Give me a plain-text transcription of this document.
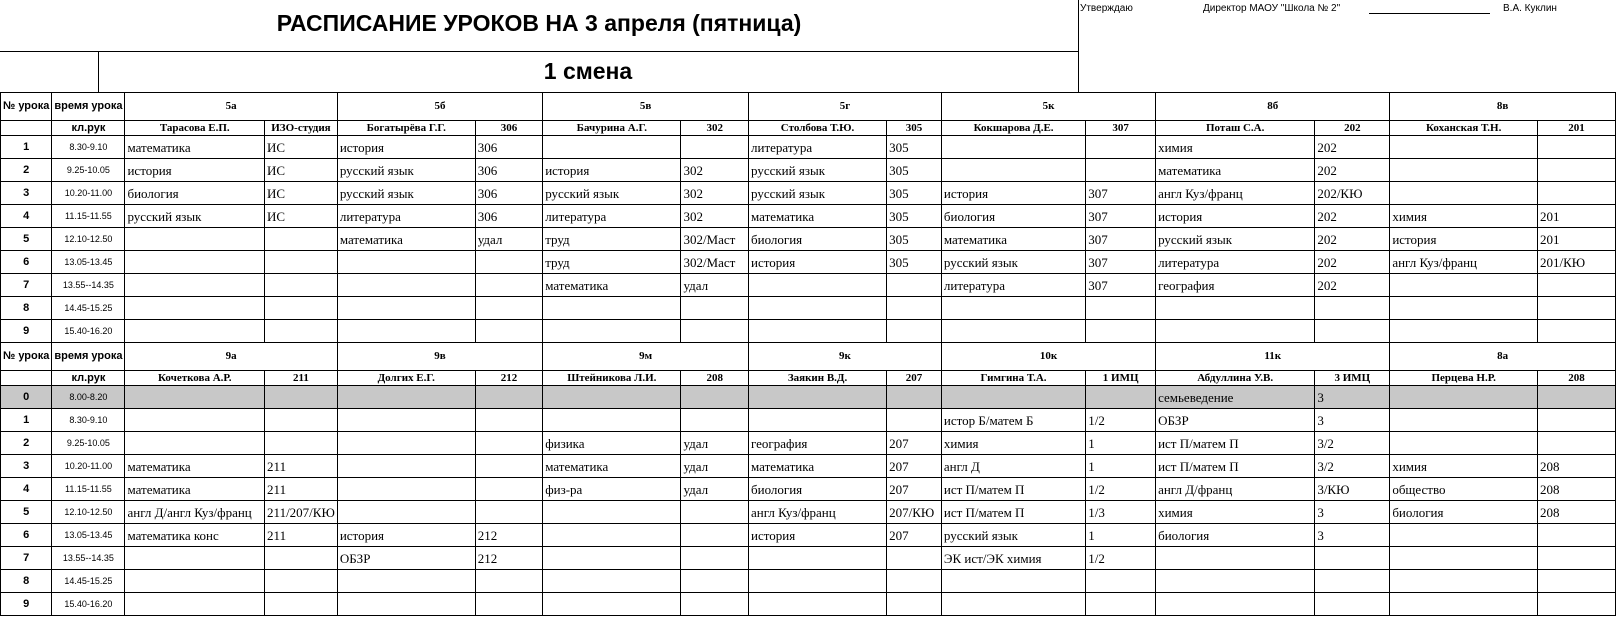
РАСПИСАНИЕ УРОКОВ НА 3 апреля (пятница)
1 смена
Утверждаю	Директор МАОУ "Школа № 2"	В.А. Куклин
№ урока	время урока	5а		5б		5в		5г		5к		8б		8в	
	кл.рук	Тарасова Е.П.	ИЗО-студия	Богатырёва Г.Г.	306	Бачурина А.Г.	302	Столбова Т.Ю.	305	Кокшарова Д.Е.	307	Поташ С.А.	202	Коханская Т.Н.	201
1	8.30-9.10	математика	ИС	история	306			литература	305			химия	202		
2	9.25-10.05	история	ИС	русский язык	306	история	302	русский язык	305			математика	202		
3	10.20-11.00	биология	ИС	русский язык	306	русский язык	302	русский язык	305	история	307	англ Куз/франц	202/КЮ		
4	11.15-11.55	русский язык	ИС	литература	306	литература	302	математика	305	биология	307	история	202	химия	201
5	12.10-12.50			математика	удал	труд	302/Маст	биология	305	математика	307	русский язык	202	история	201
6	13.05-13.45					труд	302/Маст	история	305	русский язык	307	литература	202	англ Куз/франц	201/КЮ
7	13.55--14.35					математика	удал			литература	307	география	202		
8	14.45-15.25														
9	15.40-16.20														
№ урока	время урока	9а		9в		9м		9к		10к		11к		8а	
	кл.рук	Кочеткова А.Р.	211	Долгих Е.Г.	212	Штейникова Л.И.	208	Заякин В.Д.	207	Гимгина Т.А.	1 ИМЦ	Абдуллина У.В.	3 ИМЦ	Перцева Н.Р.	208
0	8.00-8.20											семьеведение	3		
1	8.30-9.10									истор Б/матем Б	1/2	ОБЗР	3		
2	9.25-10.05					физика	удал	география	207	химия	1	ист П/матем П	3/2		
3	10.20-11.00	математика	211			математика	удал	математика	207	англ Д	1	ист П/матем П	3/2	химия	208
4	11.15-11.55	математика	211			физ-ра	удал	биология	207	ист П/матем П	1/2	англ Д/франц	3/КЮ	общество	208
5	12.10-12.50	англ Д/англ Куз/франц	211/207/КЮ					англ Куз/франц	207/КЮ	ист П/матем П	1/3	химия	3	биология	208
6	13.05-13.45	математика конс	211	история	212			история	207	русский язык	1	биология	3		
7	13.55--14.35			ОБЗР	212					ЭК ист/ЭК химия	1/2				
8	14.45-15.25														
9	15.40-16.20														
